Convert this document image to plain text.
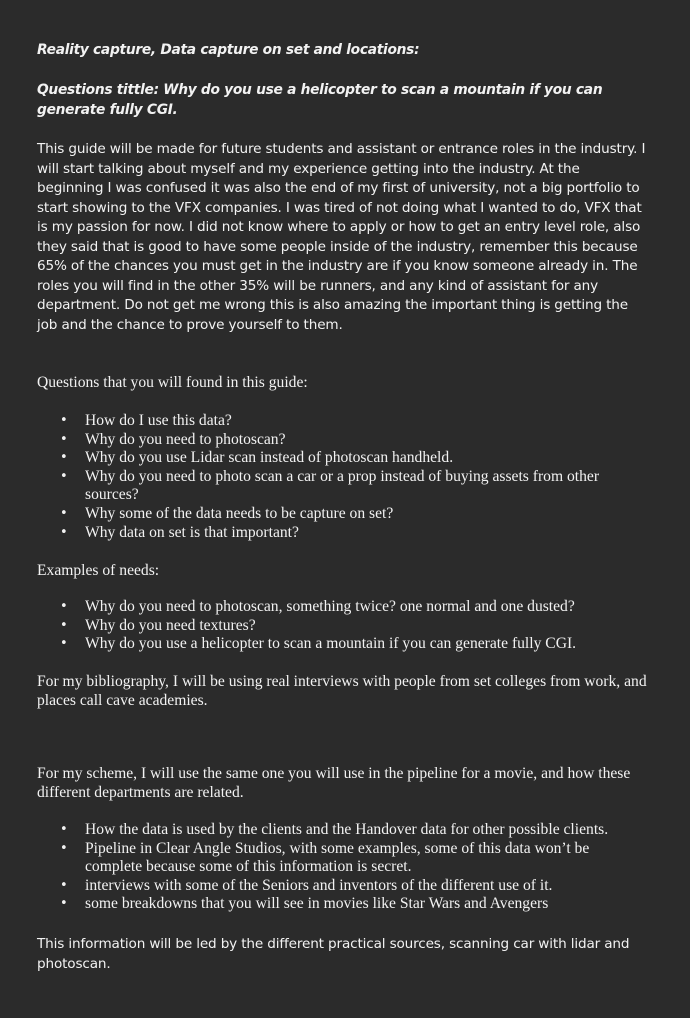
Reality capture, Data capture on set and locations:

Questions tittle: Why do you use a helicopter to scan a mountain if you can generate fully CGI.

This guide will be made for future students and assistant or entrance roles in the industry. I will start talking about myself and my experience getting into the industry. At the beginning I was confused it was also the end of my first of university, not a big portfolio to start showing to the VFX companies. I was tired of not doing what I wanted to do, VFX that is my passion for now. I did not know where to apply or how to get an entry level role, also they said that is good to have some people inside of the industry, remember this because 65% of the chances you must get in the industry are if you know someone already in. The roles you will find in the other 35% will be runners, and any kind of assistant for any department. Do not get me wrong this is also amazing the important thing is getting the job and the chance to prove yourself to them.

Questions that you will found in this guide:

• How do I use this data?
• Why do you need to photoscan?
• Why do you use Lidar scan instead of photoscan handheld.
• Why do you need to photo scan a car or a prop instead of buying assets from other sources?
• Why some of the data needs to be capture on set?
• Why data on set is that important?

Examples of needs:

• Why do you need to photoscan, something twice? one normal and one dusted?
• Why do you need textures?
• Why do you use a helicopter to scan a mountain if you can generate fully CGI.

For my bibliography, I will be using real interviews with people from set colleges from work, and places call cave academies.

For my scheme, I will use the same one you will use in the pipeline for a movie, and how these different departments are related.

• How the data is used by the clients and the Handover data for other possible clients.
• Pipeline in Clear Angle Studios, with some examples, some of this data won’t be complete because some of this information is secret.
• interviews with some of the Seniors and inventors of the different use of it.
• some breakdowns that you will see in movies like Star Wars and Avengers

This information will be led by the different practical sources, scanning car with lidar and photoscan.
